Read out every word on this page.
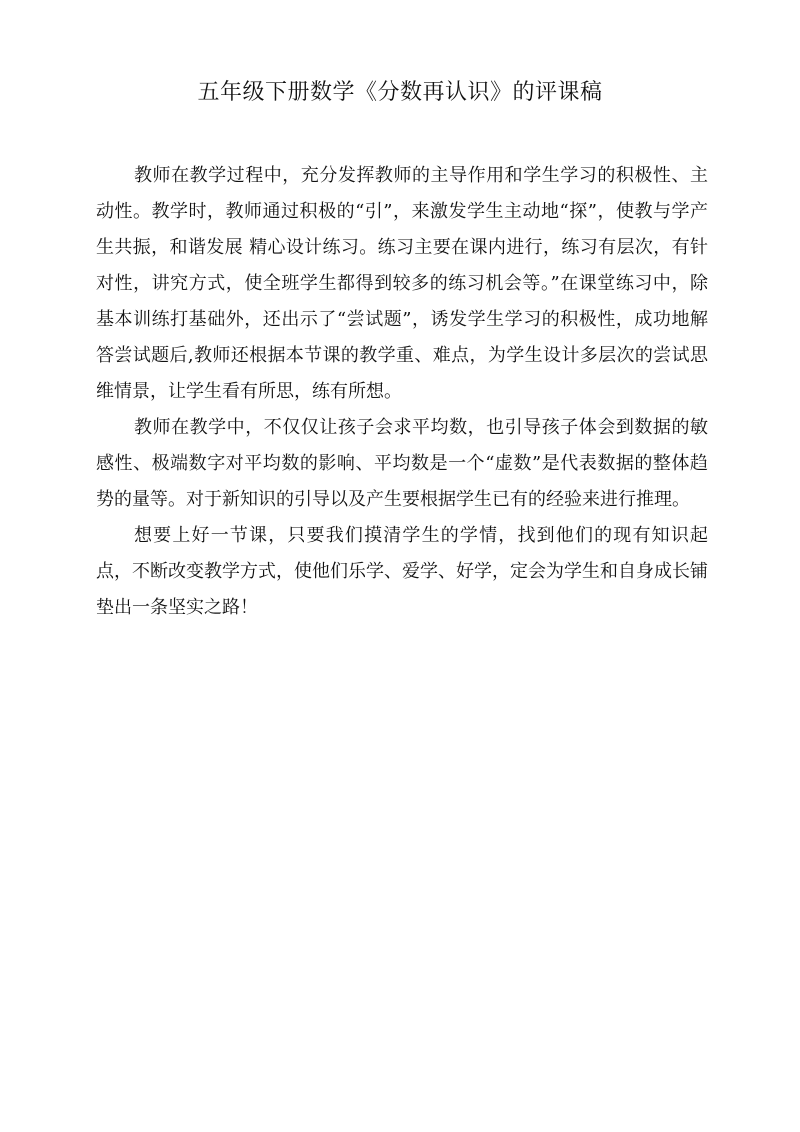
五年级下册数学《分数再认识》的评课稿

教师在教学过程中，充分发挥教师的主导作用和学生学习的积极性、主动性。教学时，教师通过积极的“引”，来激发学生主动地“探”，使教与学产生共振，和谐发展 精心设计练习。练习主要在课内进行，练习有层次，有针对性，讲究方式，使全班学生都得到较多的练习机会等。”在课堂练习中，除基本训练打基础外，还出示了“尝试题”，诱发学生学习的积极性，成功地解答尝试题后,教师还根据本节课的教学重、难点，为学生设计多层次的尝试思维情景，让学生看有所思，练有所想。

教师在教学中，不仅仅让孩子会求平均数，也引导孩子体会到数据的敏感性、极端数字对平均数的影响、平均数是一个“虚数”是代表数据的整体趋势的量等。对于新知识的引导以及产生要根据学生已有的经验来进行推理。

想要上好一节课，只要我们摸清学生的学情，找到他们的现有知识起点，不断改变教学方式，使他们乐学、爱学、好学，定会为学生和自身成长铺垫出一条坚实之路！
